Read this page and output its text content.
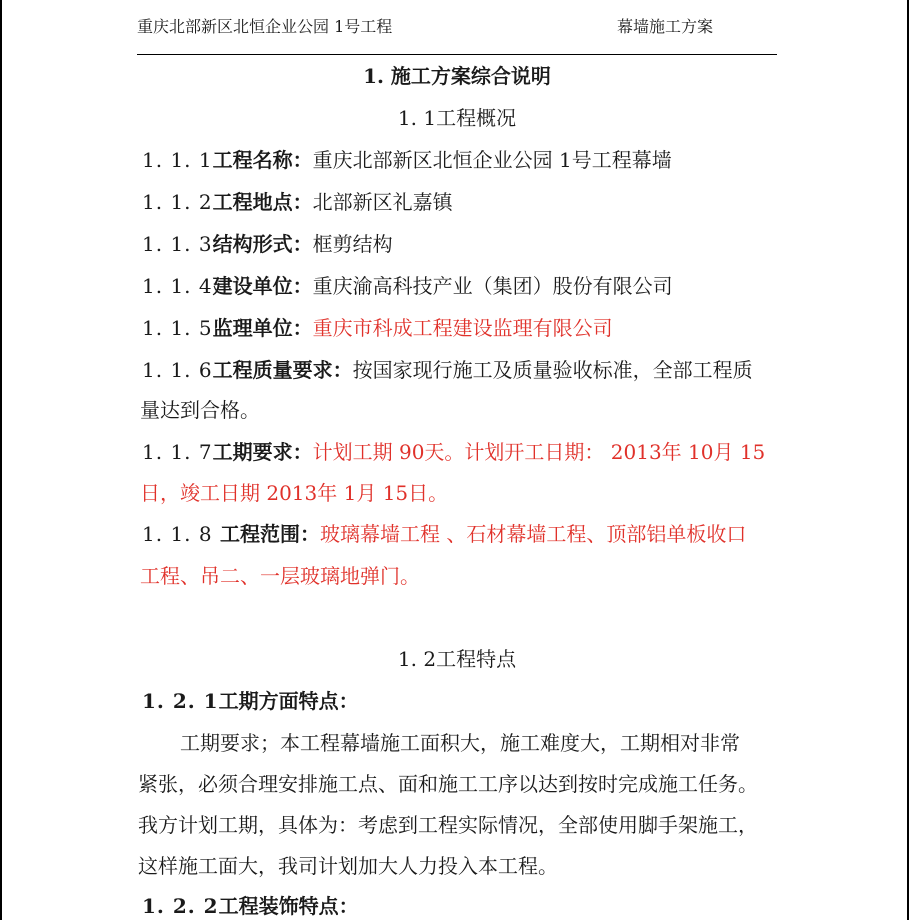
重庆北部新区北恒企业公园 1号工程	幕墙施工方案
1. 施工方案综合说明
1. 1工程概况
1. 1. 1工程名称：重庆北部新区北恒企业公园 1号工程幕墙
1. 1. 2工程地点：北部新区礼嘉镇
1. 1. 3结构形式：框剪结构
1. 1. 4建设单位：重庆渝高科技产业（集团）股份有限公司
1. 1. 5监理单位：重庆市科成工程建设监理有限公司
1. 1. 6工程质量要求：按国家现行施工及质量验收标准，全部工程质
量达到合格。
1. 1. 7工期要求：计划工期 90天。计划开工日期： 2013年 10月 15
日，竣工日期 2013年 1月 15日。
1. 1. 8 工程范围：玻璃幕墙工程 、石材幕墙工程、顶部铝单板收口
工程、吊二、一层玻璃地弹门。
1. 2工程特点
1. 2. 1工期方面特点：
工期要求；本工程幕墙施工面积大，施工难度大，工期相对非常
紧张，必须合理安排施工点、面和施工工序以达到按时完成施工任务。
我方计划工期，具体为：考虑到工程实际情况，全部使用脚手架施工，
这样施工面大，我司计划加大人力投入本工程。
1. 2. 2工程装饰特点：
